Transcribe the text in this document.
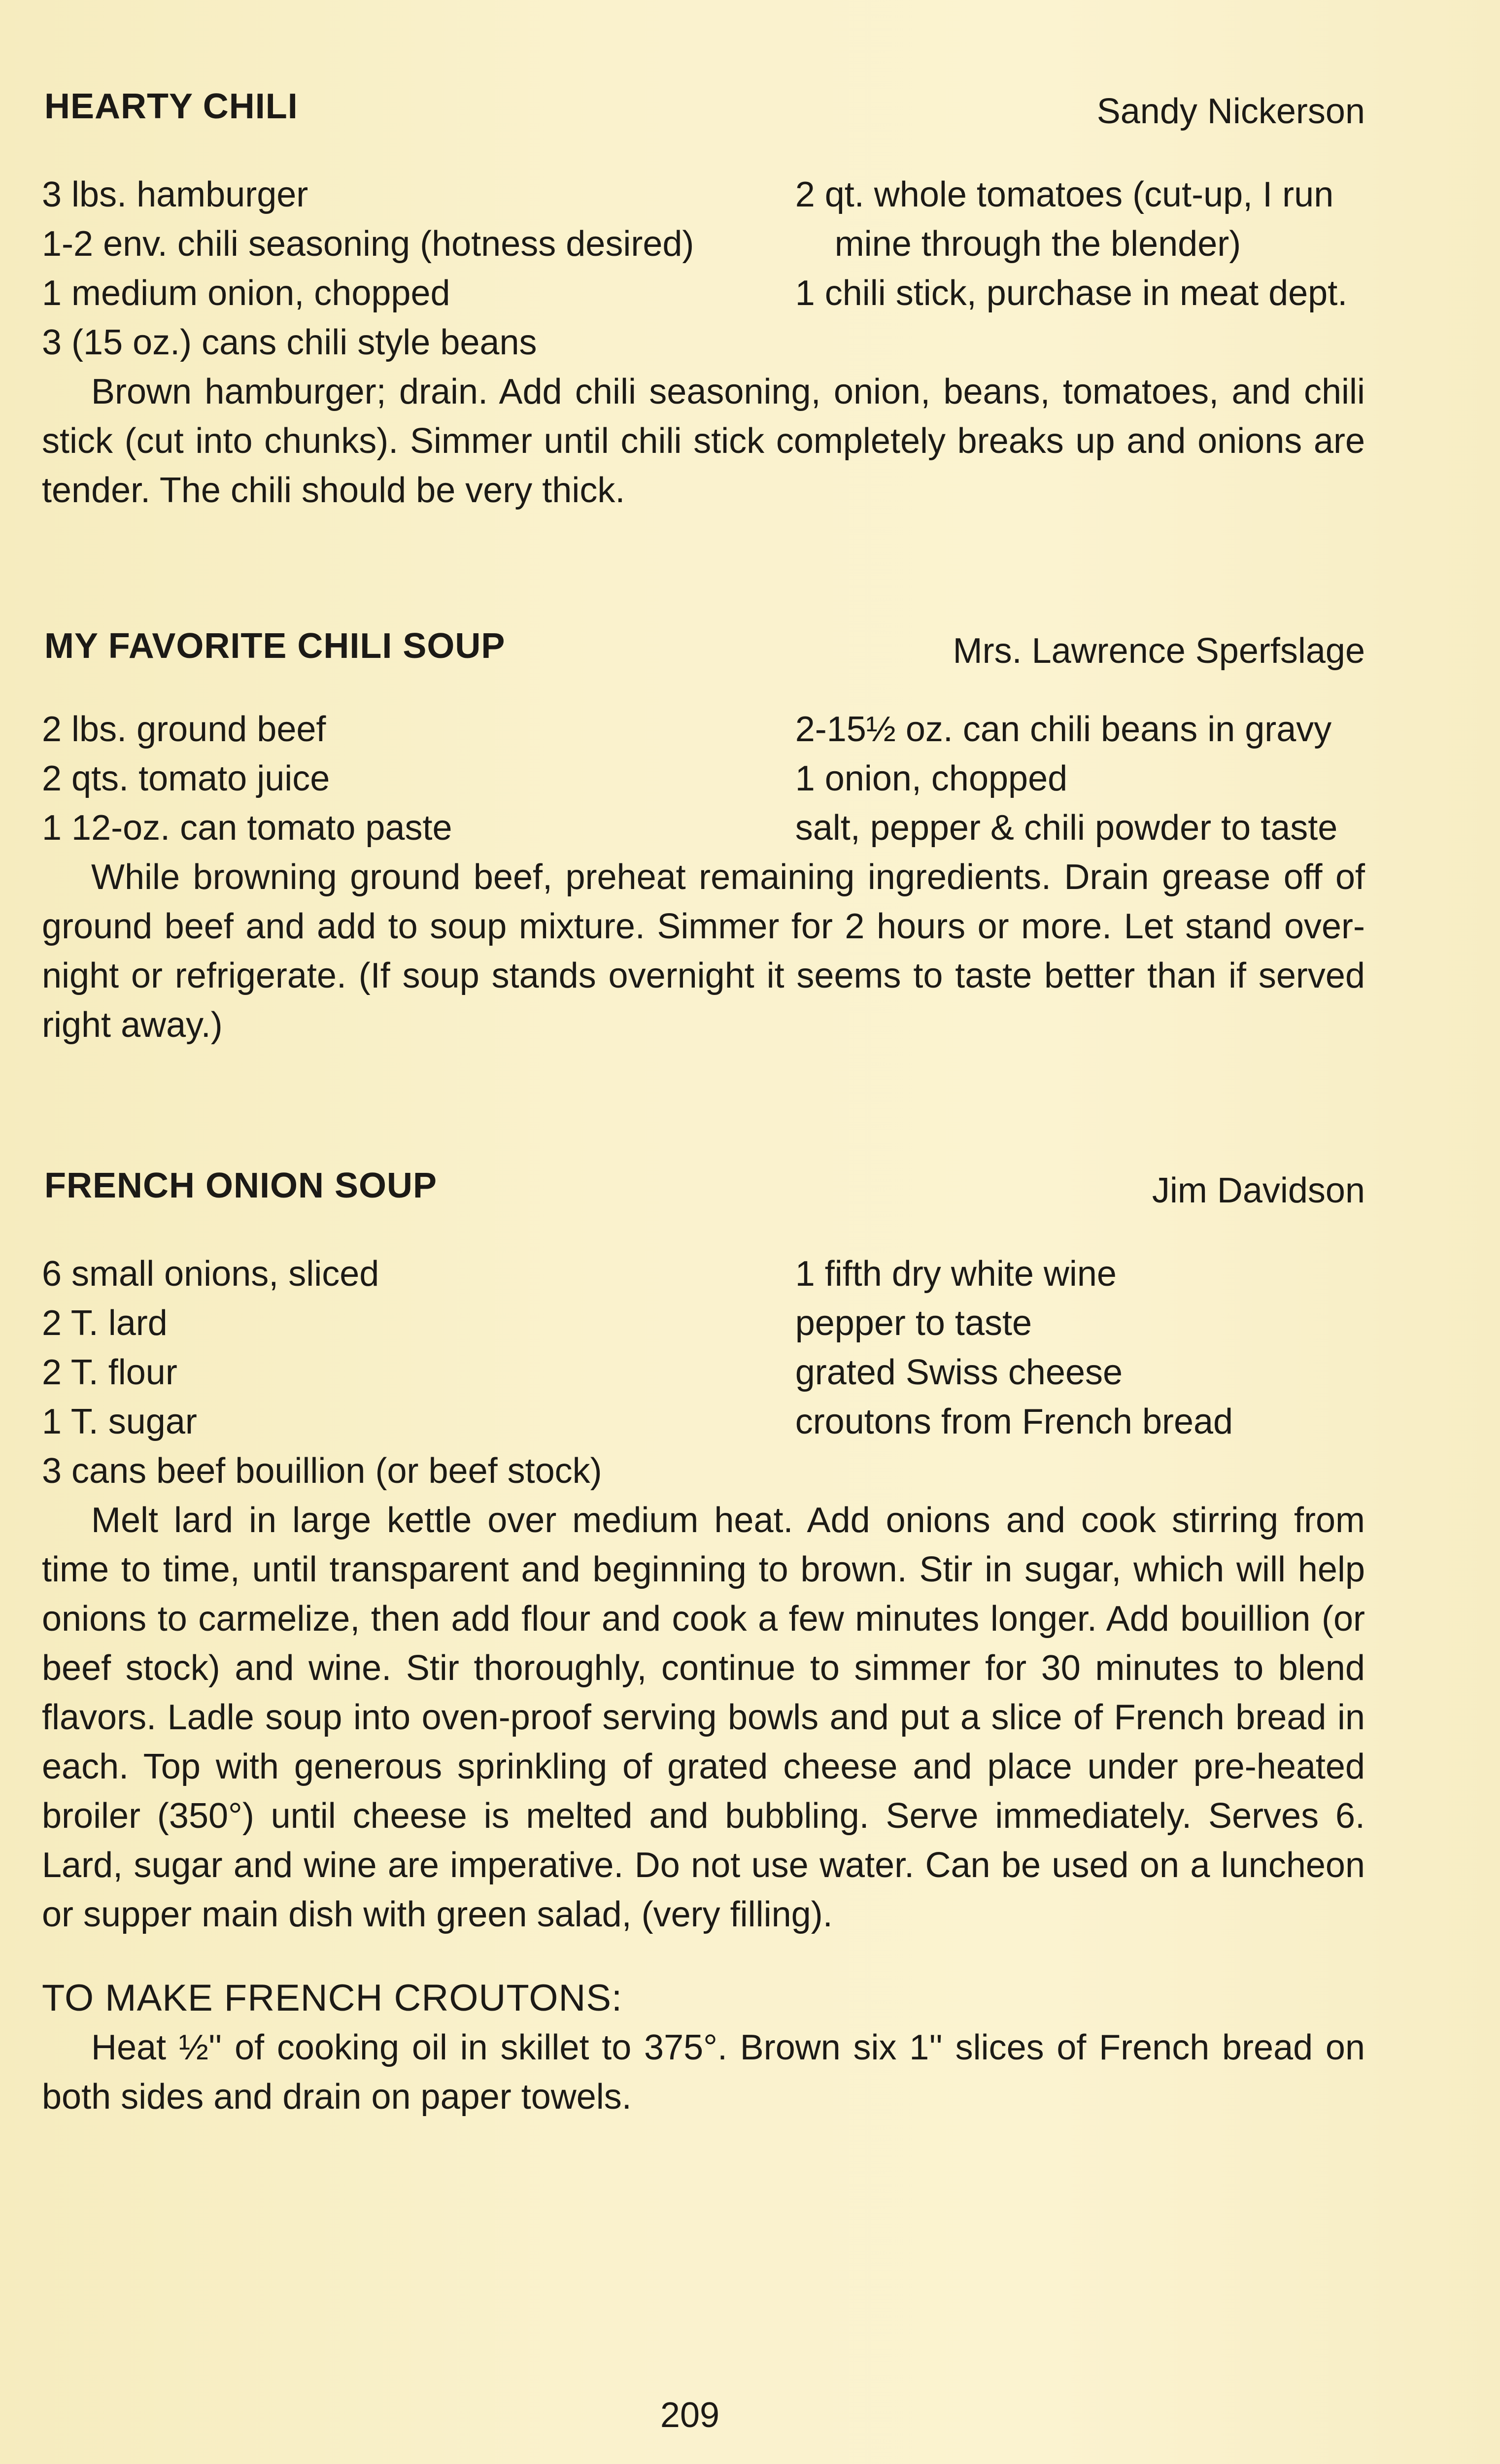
HEARTY CHILI	Sandy Nickerson
3 lbs. hamburger
1-2 env. chili seasoning (hotness desired)
1 medium onion, chopped
3 (15 oz.) cans chili style beans
2 qt. whole tomatoes (cut-up, I run
mine through the blender)
1 chili stick, purchase in meat dept.
Brown hamburger; drain. Add chili seasoning, onion, beans, tomatoes, and chili stick (cut into chunks). Simmer until chili stick completely breaks up and onions are tender. The chili should be very thick.
MY FAVORITE CHILI SOUP	Mrs. Lawrence Sperfslage
2 lbs. ground beef
2 qts. tomato juice
1 12-oz. can tomato paste
2-15½ oz. can chili beans in gravy
1 onion, chopped
salt, pepper & chili powder to taste
While browning ground beef, preheat remaining ingredients. Drain grease off of ground beef and add to soup mixture. Simmer for 2 hours or more. Let stand over-night or refrigerate. (If soup stands overnight it seems to taste better than if served right away.)
FRENCH ONION SOUP	Jim Davidson
6 small onions, sliced
2 T. lard
2 T. flour
1 T. sugar
3 cans beef bouillion (or beef stock)
1 fifth dry white wine
pepper to taste
grated Swiss cheese
croutons from French bread
Melt lard in large kettle over medium heat. Add onions and cook stirring from time to time, until transparent and beginning to brown. Stir in sugar, which will help onions to carmelize, then add flour and cook a few minutes longer. Add bouillion (or beef stock) and wine. Stir thoroughly, continue to simmer for 30 minutes to blend flavors. Ladle soup into oven-proof serving bowls and put a slice of French bread in each. Top with generous sprinkling of grated cheese and place under pre-heated broiler (350°) until cheese is melted and bubbling. Serve immediately. Serves 6. Lard, sugar and wine are imperative. Do not use water. Can be used on a luncheon or supper main dish with green salad, (very filling).
TO MAKE FRENCH CROUTONS:
Heat ½'' of cooking oil in skillet to 375°. Brown six 1'' slices of French bread on both sides and drain on paper towels.
209
